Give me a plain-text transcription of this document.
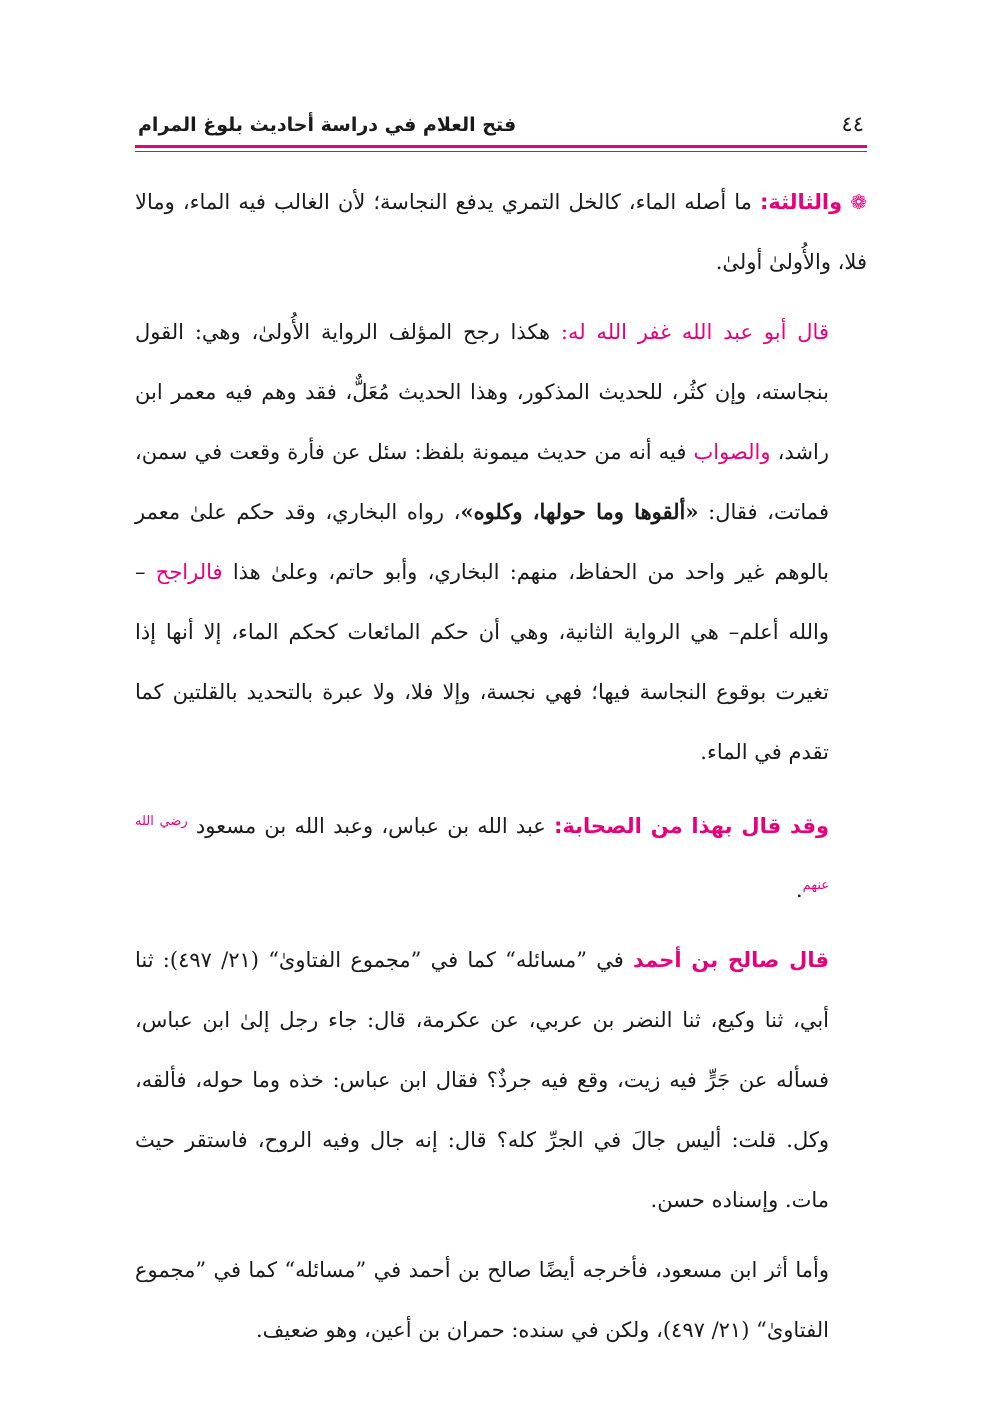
فتح العلام في دراسة أحاديث بلوغ المرام	٤٤

❁ والثالثة: ما أصله الماء، كالخل التمري يدفع النجاسة؛ لأن الغالب فيه الماء، ومالا فلا، والأُولىٰ أولىٰ.

قال أبو عبد الله غفر الله له: هكذا رجح المؤلف الرواية الأُولىٰ، وهي: القول بنجاسته، وإن كثُر، للحديث المذكور، وهذا الحديث مُعَلٌّ، فقد وهم فيه معمر ابن راشد، والصواب فيه أنه من حديث ميمونة بلفظ: سئل عن فأرة وقعت في سمن، فماتت، فقال: «ألقوها وما حولها، وكلوه»، رواه البخاري، وقد حكم علىٰ معمر بالوهم غير واحد من الحفاظ، منهم: البخاري، وأبو حاتم، وعلىٰ هذا فالراجح – والله أعلم– هي الرواية الثانية، وهي أن حكم المائعات كحكم الماء، إلا أنها إذا تغيرت بوقوع النجاسة فيها؛ فهي نجسة، وإلا فلا، ولا عبرة بالتحديد بالقلتين كما تقدم في الماء.

وقد قال بهذا من الصحابة: عبد الله بن عباس، وعبد الله بن مسعود $^{رضي الله عنهم}$.

قال صالح بن أحمد في ”مسائله“ كما في ”مجموع الفتاوىٰ“ (٢١/ ٤٩٧): ثنا أبي، ثنا وكيع، ثنا النضر بن عربي، عن عكرمة، قال: جاء رجل إلىٰ ابن عباس، فسأله عن جَرٍّ فيه زيت، وقع فيه جرذٌ؟ فقال ابن عباس: خذه وما حوله، فألقه، وكل. قلت: أليس جالَ في الجرِّ كله؟ قال: إنه جال وفيه الروح، فاستقر حيث مات. وإسناده حسن.

وأما أثر ابن مسعود، فأخرجه أيضًا صالح بن أحمد في ”مسائله“ كما في ”مجموع الفتاوىٰ“ (٢١/ ٤٩٧)، ولكن في سنده: حمران بن أعين، وهو ضعيف.
